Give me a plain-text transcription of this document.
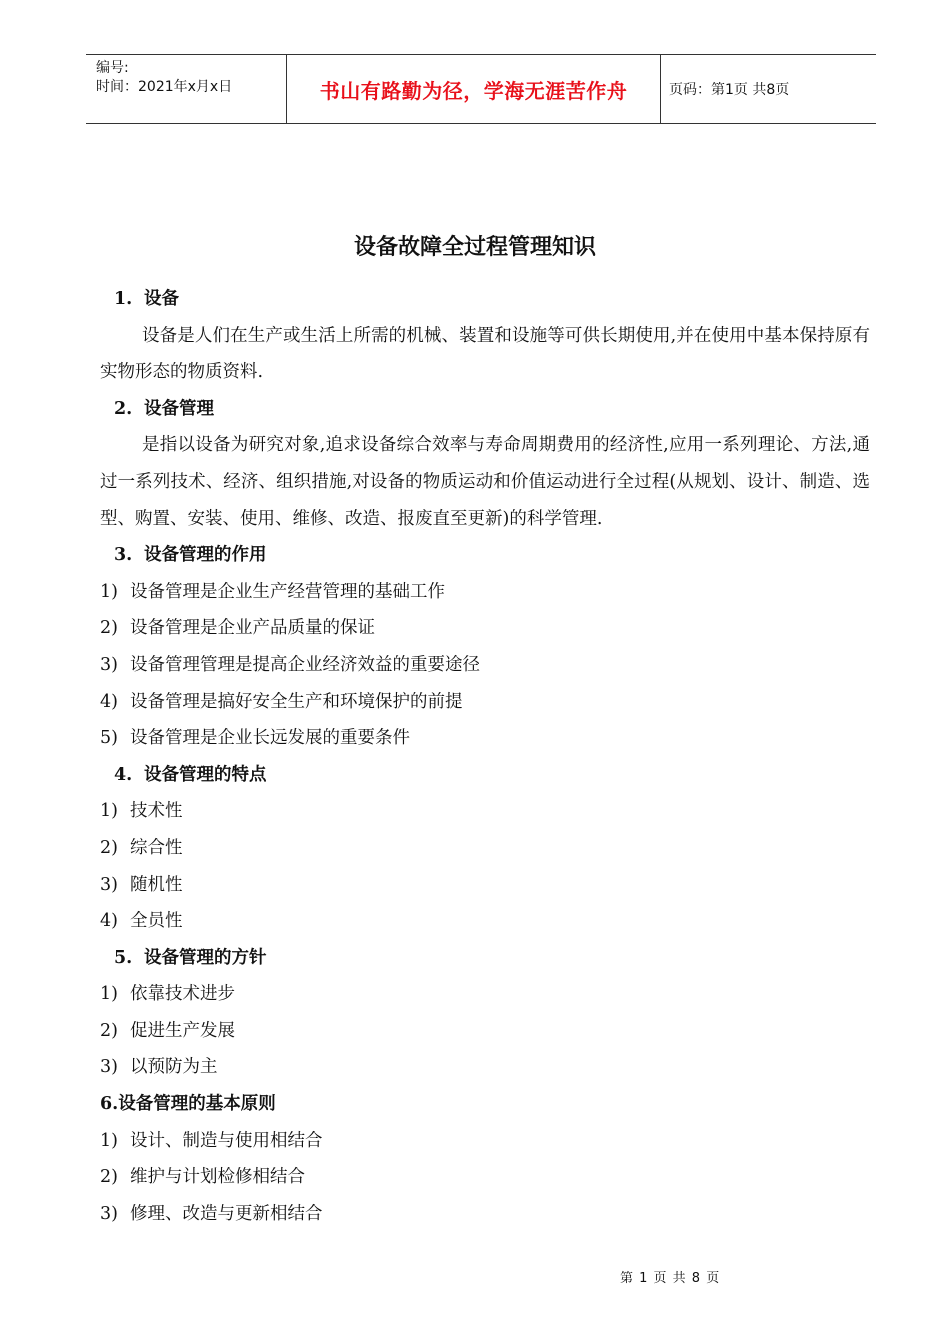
编号:
时间：2021年x月x日	书山有路勤为径，学海无涯苦作舟	页码：第1页 共8页
设备故障全过程管理知识
1. 设备
设备是人们在生产或生活上所需的机械、装置和设施等可供长期使用,并在使用中基本保持原有实物形态的物质资料.
2. 设备管理
是指以设备为研究对象,追求设备综合效率与寿命周期费用的经济性,应用一系列理论、方法,通过一系列技术、经济、组织措施,对设备的物质运动和价值运动进行全过程(从规划、设计、制造、选型、购置、安装、使用、维修、改造、报废直至更新)的科学管理.
3. 设备管理的作用
1) 设备管理是企业生产经营管理的基础工作
2) 设备管理是企业产品质量的保证
3) 设备管理管理是提高企业经济效益的重要途径
4) 设备管理是搞好安全生产和环境保护的前提
5) 设备管理是企业长远发展的重要条件
4. 设备管理的特点
1) 技术性
2) 综合性
3) 随机性
4) 全员性
5. 设备管理的方针
1) 依靠技术进步
2) 促进生产发展
3) 以预防为主
6.设备管理的基本原则
1) 设计、制造与使用相结合
2) 维护与计划检修相结合
3) 修理、改造与更新相结合
第 1 页 共 8 页
